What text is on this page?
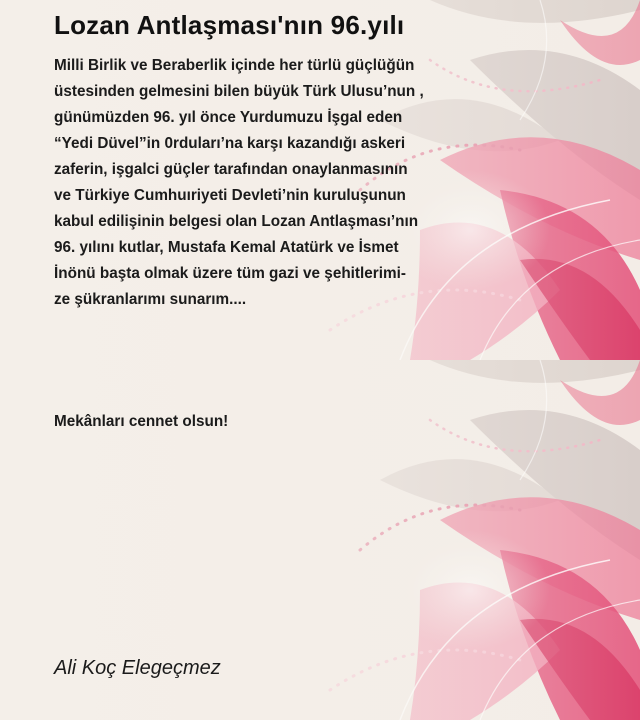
Lozan Antlaşması'nın 96.yılı
Milli Birlik ve Beraberlik içinde her türlü güçlüğün
üstesinden gelmesini bilen büyük Türk Ulusu’nun ,
günümüzden 96. yıl önce Yurdumuzu İşgal eden
“Yedi Düvel”in 0rduları’na karşı kazandığı askeri
zaferin, işgalci güçler tarafından onaylanmasının
ve Türkiye Cumhuıriyeti Devleti’nin kuruluşunun
kabul edilişinin belgesi olan Lozan Antlaşması’nın
96. yılını kutlar, Mustafa Kemal Atatürk ve İsmet
İnönü başta olmak üzere tüm gazi ve şehitlerimi-
ze şükranlarımı sunarım....

Mekânları cennet olsun!

Ali Koç Elegeçmez
